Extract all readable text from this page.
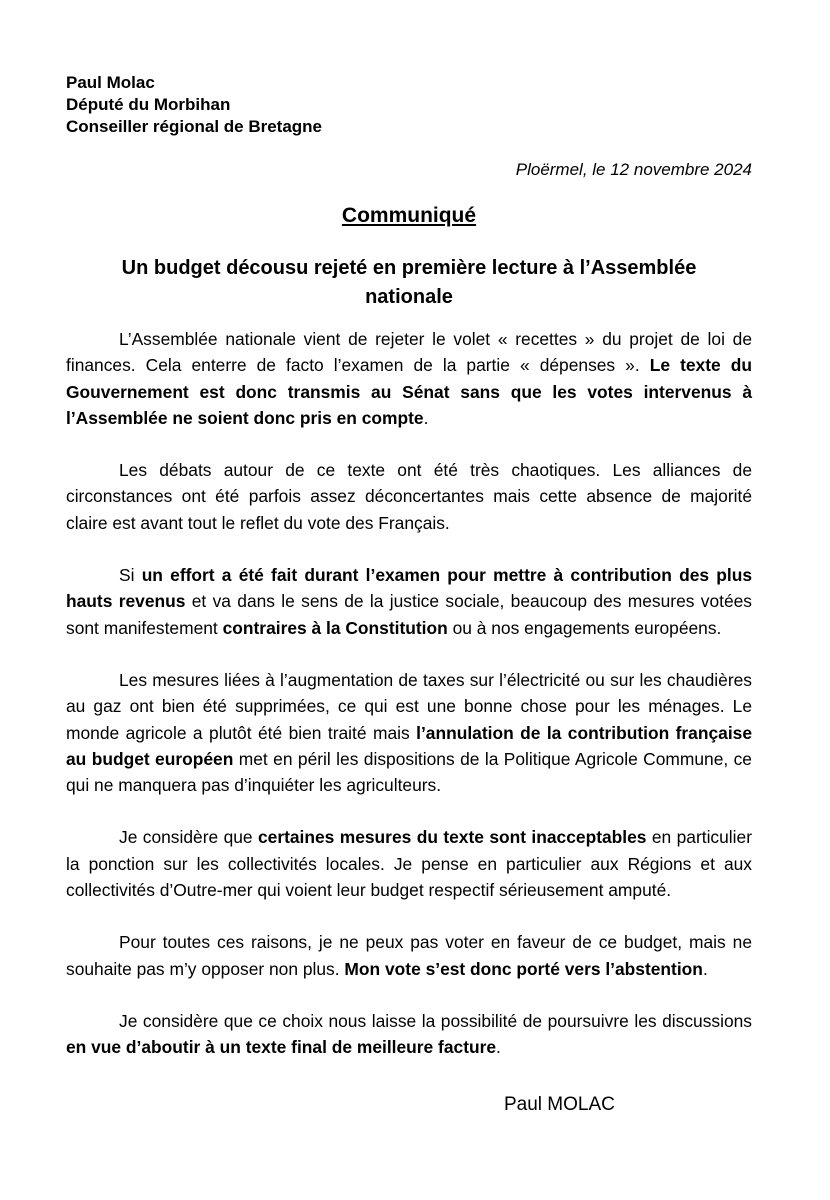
Paul Molac
Député du Morbihan
Conseiller régional de Bretagne
Ploërmel, le 12 novembre 2024
Communiqué
Un budget décousu rejeté en première lecture à l’Assemblée nationale

L’Assemblée nationale vient de rejeter le volet « recettes » du projet de loi de finances. Cela enterre de facto l’examen de la partie « dépenses ». Le texte du Gouvernement est donc transmis au Sénat sans que les votes intervenus à l’Assemblée ne soient donc pris en compte.

Les débats autour de ce texte ont été très chaotiques. Les alliances de circonstances ont été parfois assez déconcertantes mais cette absence de majorité claire est avant tout le reflet du vote des Français.

Si un effort a été fait durant l’examen pour mettre à contribution des plus hauts revenus et va dans le sens de la justice sociale, beaucoup des mesures votées sont manifestement contraires à la Constitution ou à nos engagements européens.

Les mesures liées à l’augmentation de taxes sur l’électricité ou sur les chaudières au gaz ont bien été supprimées, ce qui est une bonne chose pour les ménages. Le monde agricole a plutôt été bien traité mais l’annulation de la contribution française au budget européen met en péril les dispositions de la Politique Agricole Commune, ce qui ne manquera pas d’inquiéter les agriculteurs.

Je considère que certaines mesures du texte sont inacceptables en particulier la ponction sur les collectivités locales. Je pense en particulier aux Régions et aux collectivités d’Outre-mer qui voient leur budget respectif sérieusement amputé.

Pour toutes ces raisons, je ne peux pas voter en faveur de ce budget, mais ne souhaite pas m’y opposer non plus. Mon vote s’est donc porté vers l’abstention.

Je considère que ce choix nous laisse la possibilité de poursuivre les discussions en vue d’aboutir à un texte final de meilleure facture.

Paul MOLAC
